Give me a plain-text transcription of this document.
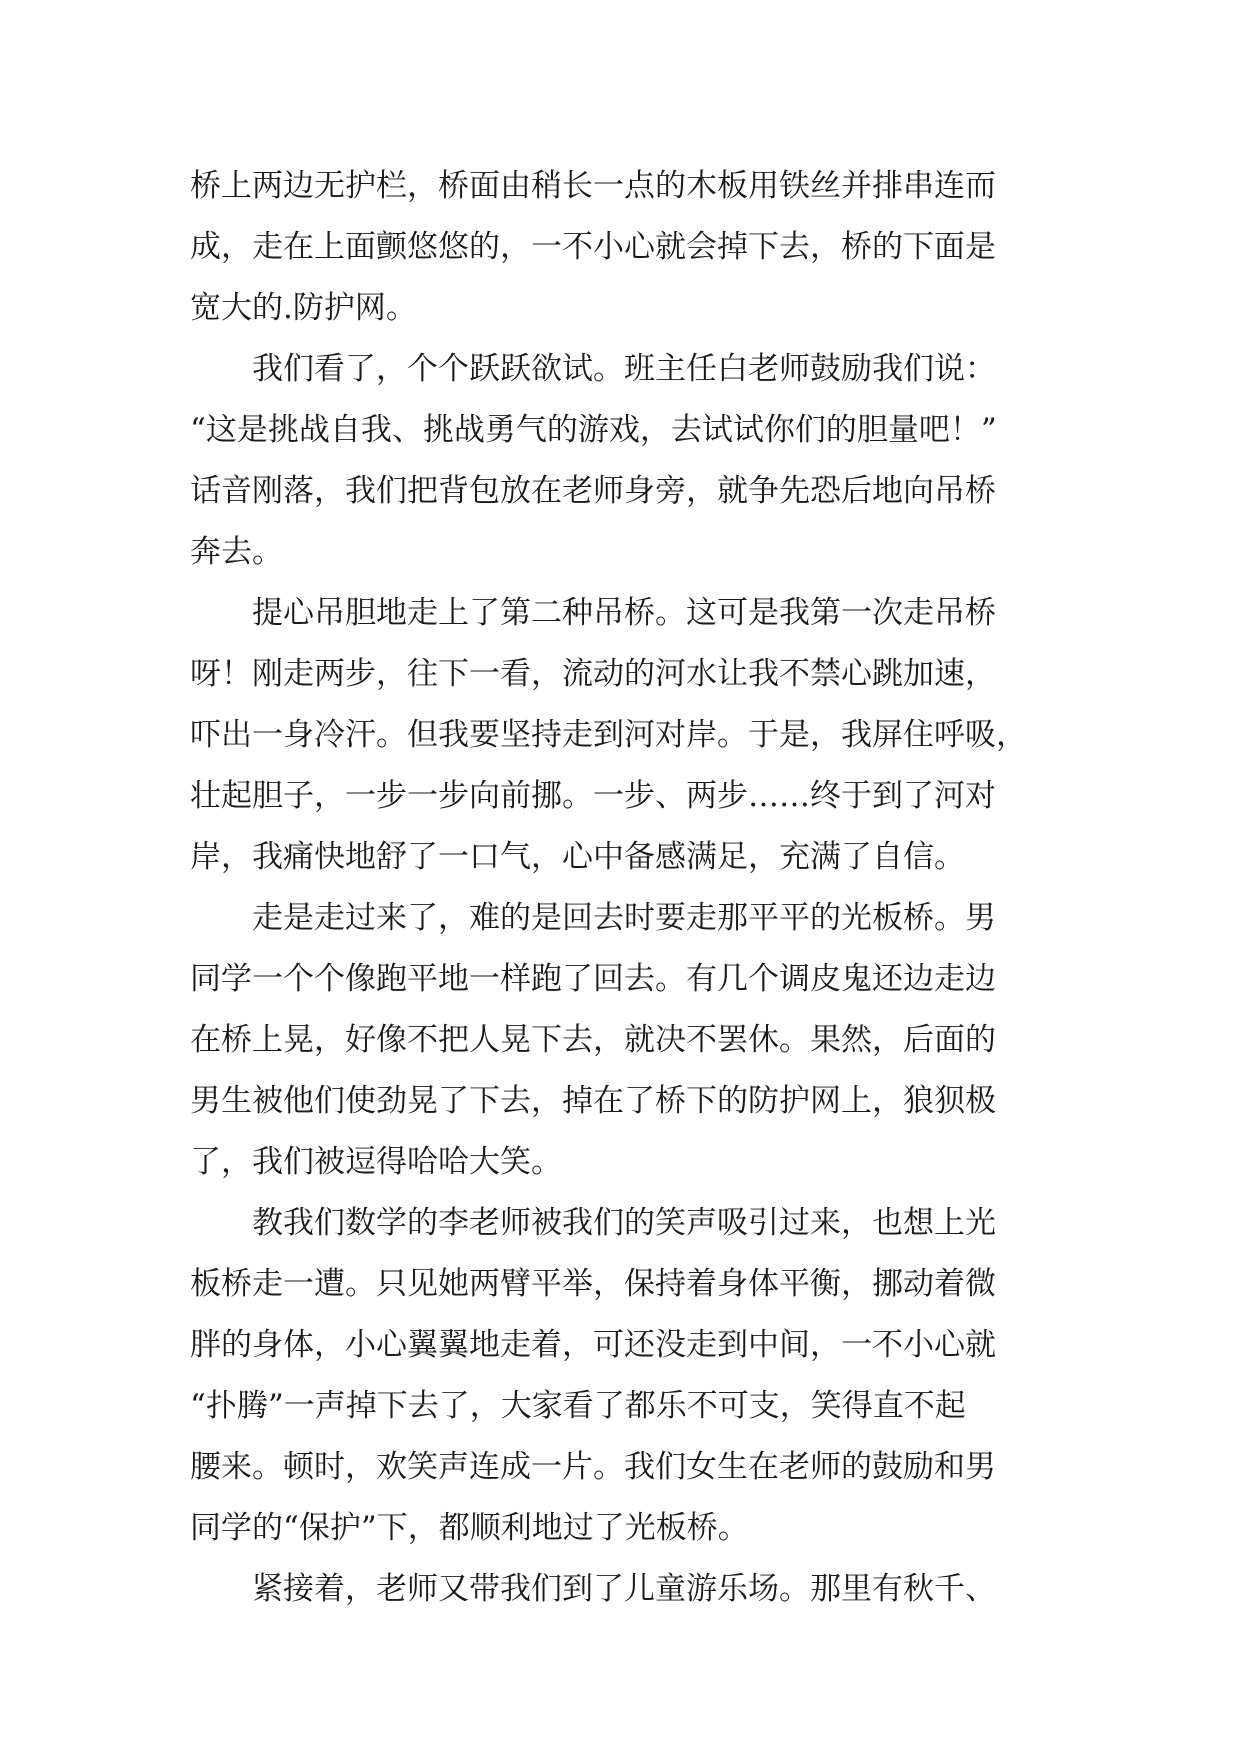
桥上两边无护栏，桥面由稍长一点的木板用铁丝并排串连而
成，走在上面颤悠悠的，一不小心就会掉下去，桥的下面是
宽大的.防护网。
我们看了，个个跃跃欲试。班主任白老师鼓励我们说：
“这是挑战自我、挑战勇气的游戏，去试试你们的胆量吧！”
话音刚落，我们把背包放在老师身旁，就争先恐后地向吊桥
奔去。
提心吊胆地走上了第二种吊桥。这可是我第一次走吊桥
呀！刚走两步，往下一看，流动的河水让我不禁心跳加速，
吓出一身冷汗。但我要坚持走到河对岸。于是，我屏住呼吸，
壮起胆子，一步一步向前挪。一步、两步……终于到了河对
岸，我痛快地舒了一口气，心中备感满足，充满了自信。
走是走过来了，难的是回去时要走那平平的光板桥。男
同学一个个像跑平地一样跑了回去。有几个调皮鬼还边走边
在桥上晃，好像不把人晃下去，就决不罢休。果然，后面的
男生被他们使劲晃了下去，掉在了桥下的防护网上，狼狈极
了，我们被逗得哈哈大笑。
教我们数学的李老师被我们的笑声吸引过来，也想上光
板桥走一遭。只见她两臂平举，保持着身体平衡，挪动着微
胖的身体，小心翼翼地走着，可还没走到中间，一不小心就
“扑腾”一声掉下去了，大家看了都乐不可支，笑得直不起
腰来。顿时，欢笑声连成一片。我们女生在老师的鼓励和男
同学的“保护”下，都顺利地过了光板桥。
紧接着，老师又带我们到了儿童游乐场。那里有秋千、
